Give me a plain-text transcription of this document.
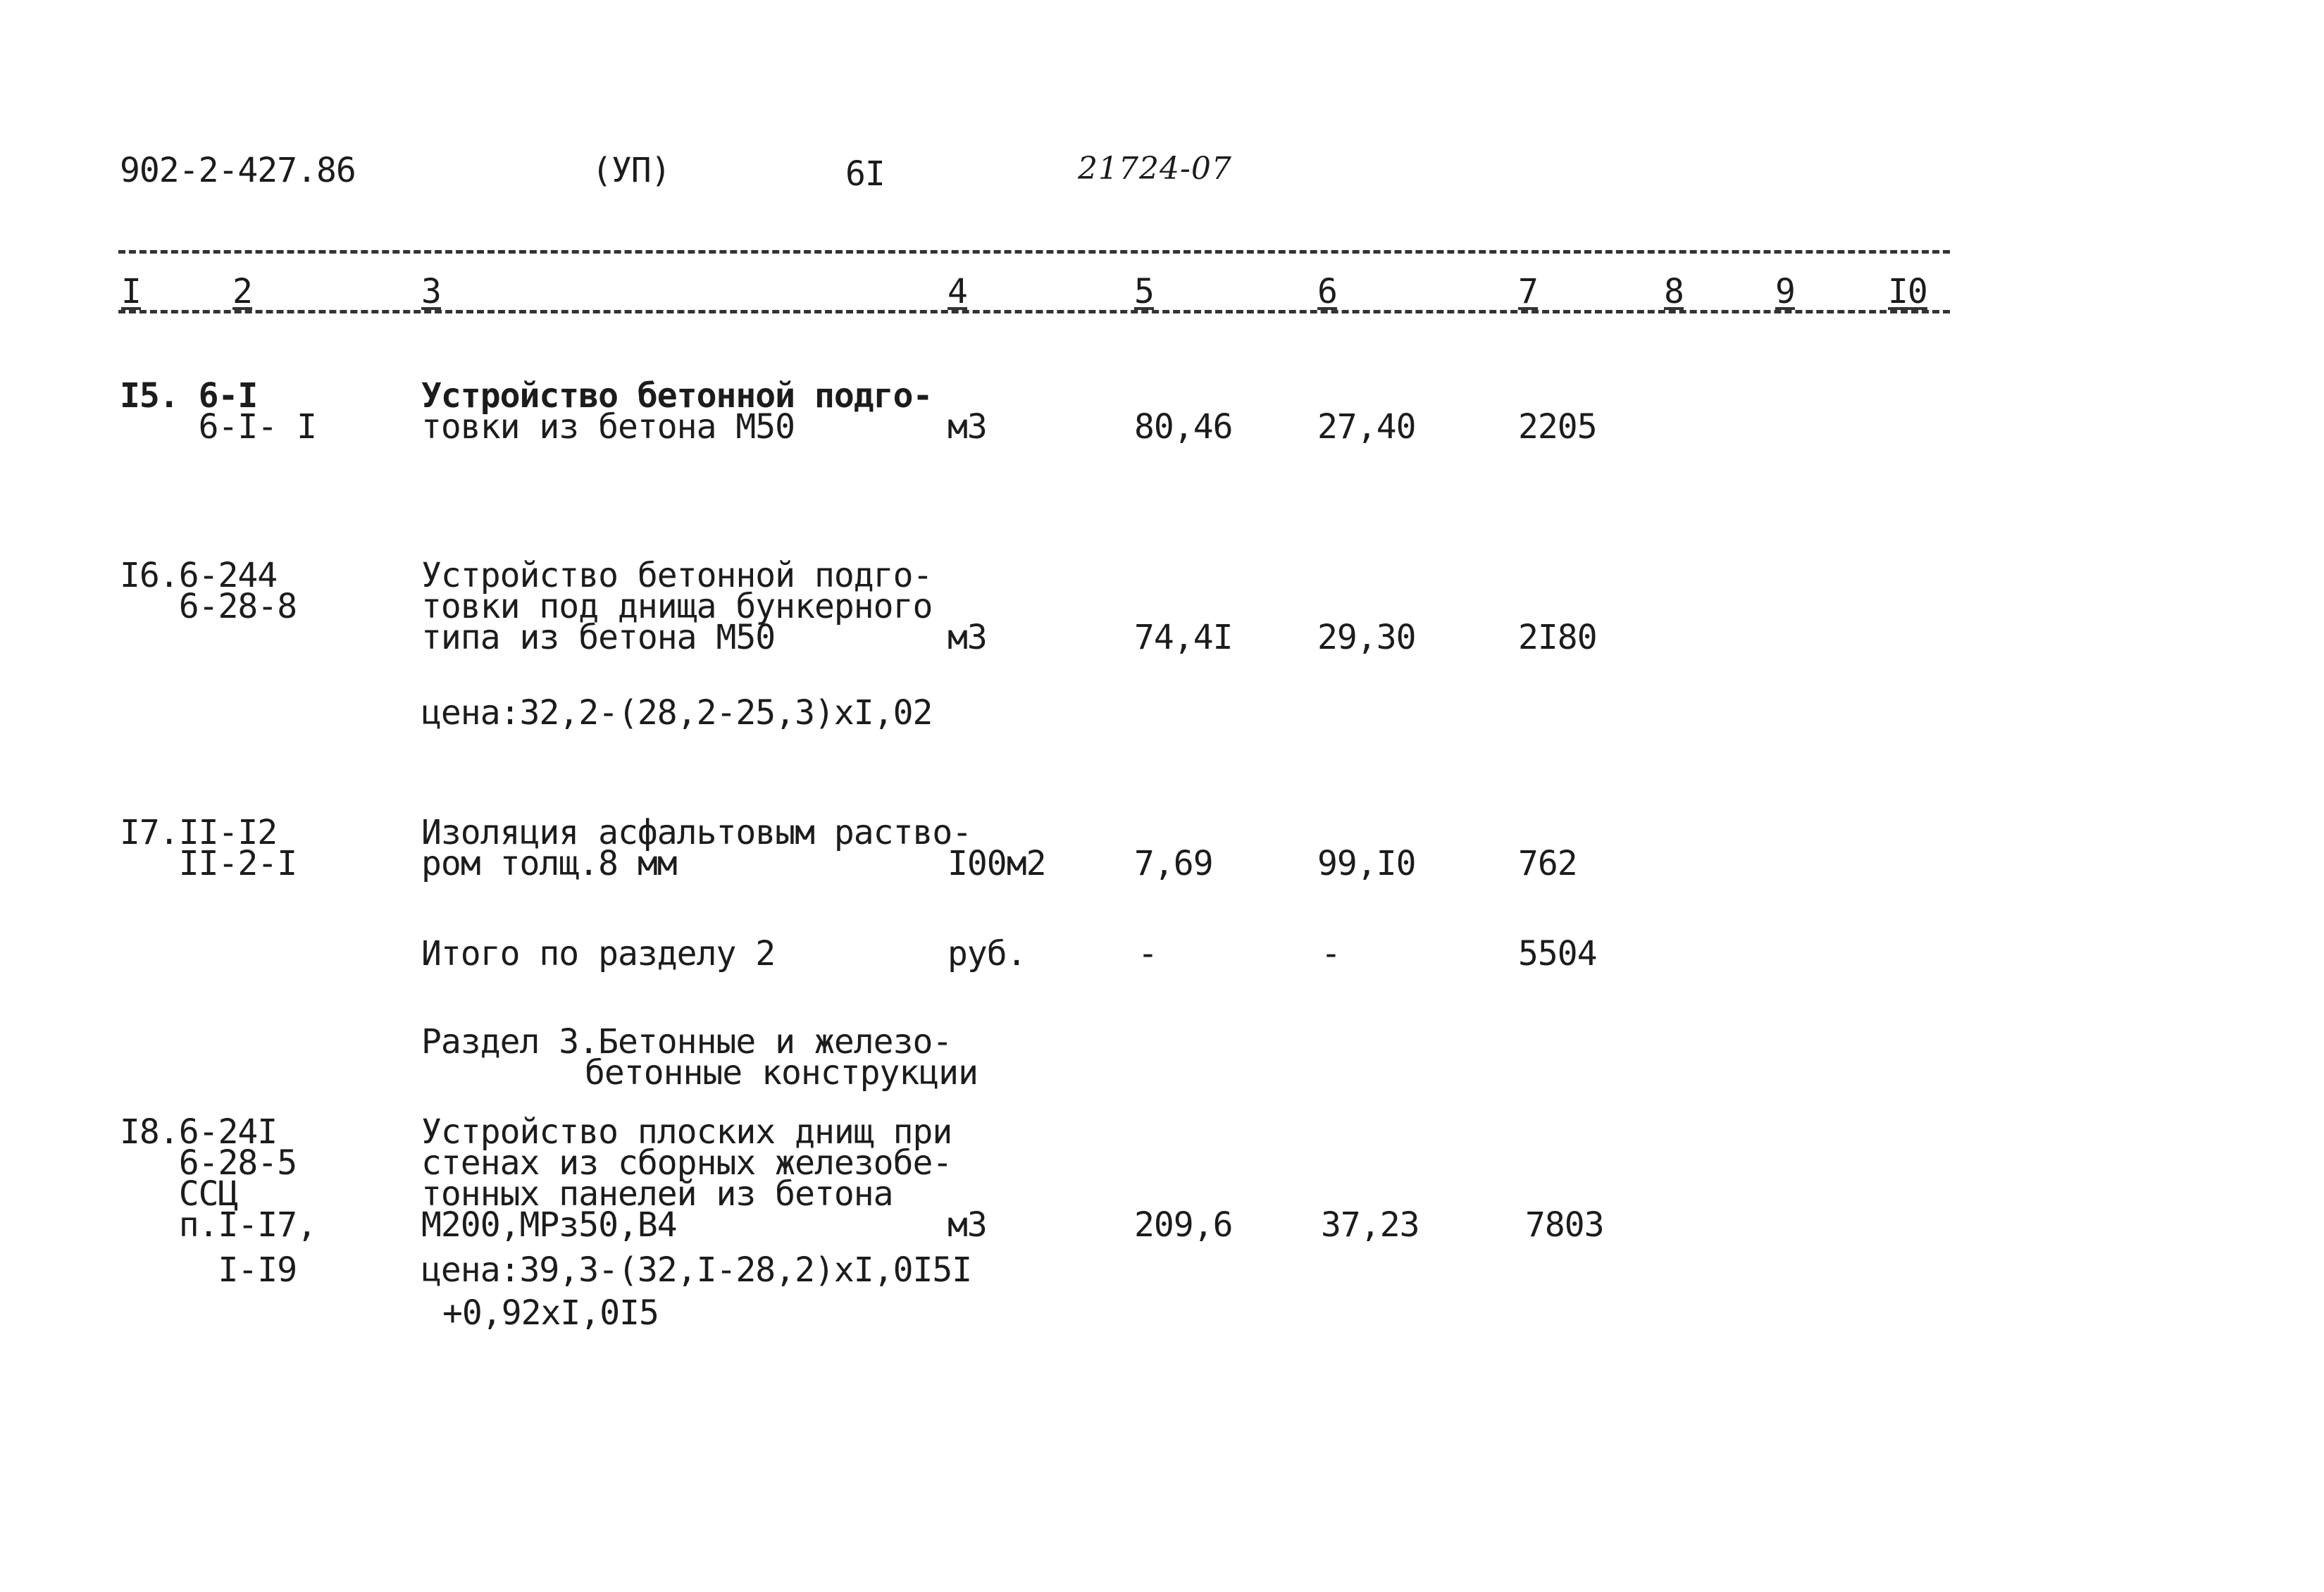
902-2-427.86	(УП)	6I	21724-07
I	2	3	4	5	6	7	8	9	I0
I5. 6-I
6-I- I
Устройство бетонной подго-
товки из бетона М50	м3	80,46	27,40	2205
I6.6-244
6-28-8
Устройство бетонной подго-
товки под днища бункерного
типа из бетона М50	м3	74,4I	29,30	2I80
цена:32,2-(28,2-25,3)xI,02
I7.II-I2
II-2-I
Изоляция асфальтовым раство-
ром толщ.8 мм	I00м2	7,69	99,I0	762
Итого по разделу 2	руб.	-	-	5504
Раздел 3.Бетонные и железо-
бетонные конструкции
I8.6-24I
6-28-5
ССЦ
п.I-I7,
I-I9
Устройство плоских днищ при
стенах из сборных железобе-
тонных панелей из бетона
М200,МРз50,В4	м3	209,6	37,23	7803
цена:39,3-(32,I-28,2)xI,0I5I
+0,92xI,0I5
